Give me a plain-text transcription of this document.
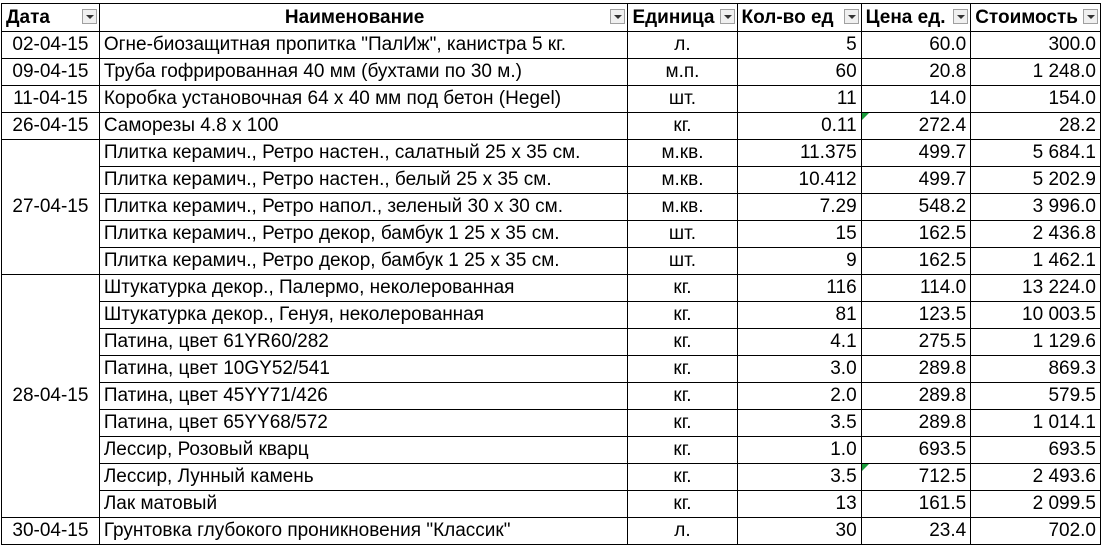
Дата	Наименование	Единица	Кол-во ед	Цена ед.	Стоимость

02-04-15	Огне-биозащитная пропитка "ПалИж", канистра 5 кг.	л.	5	60.0	300.0
09-04-15	Труба гофрированная 40 мм (бухтами по 30 м.)	м.п.	60	20.8	1 248.0
11-04-15	Коробка установочная 64 х 40 мм под бетон (Hegel)	шт.	11	14.0	154.0
26-04-15	Саморезы 4.8 х 100	кг.	0.11	272.4	28.2
27-04-15	Плитка керамич., Ретро настен., салатный 25 х 35 см.	м.кв.	11.375	499.7	5 684.1
	Плитка керамич., Ретро настен., белый 25 х 35 см.	м.кв.	10.412	499.7	5 202.9
	Плитка керамич., Ретро напол., зеленый 30 х 30 см.	м.кв.	7.29	548.2	3 996.0
	Плитка керамич., Ретро декор, бамбук 1 25 х 35 см.	шт.	15	162.5	2 436.8
	Плитка керамич., Ретро декор, бамбук 1 25 х 35 см.	шт.	9	162.5	1 462.1
28-04-15	Штукатурка декор., Палермо, неколерованная	кг.	116	114.0	13 224.0
	Штукатурка декор., Генуя, неколерованная	кг.	81	123.5	10 003.5
	Патина, цвет 61YR60/282	кг.	4.1	275.5	1 129.6
	Патина, цвет 10GY52/541	кг.	3.0	289.8	869.3
	Патина, цвет 45YY71/426	кг.	2.0	289.8	579.5
	Патина, цвет 65YY68/572	кг.	3.5	289.8	1 014.1
	Лессир, Розовый кварц	кг.	1.0	693.5	693.5
	Лессир, Лунный камень	кг.	3.5	712.5	2 493.6
	Лак матовый	кг.	13	161.5	2 099.5
30-04-15	Грунтовка глубокого проникновения "Классик"	л.	30	23.4	702.0
